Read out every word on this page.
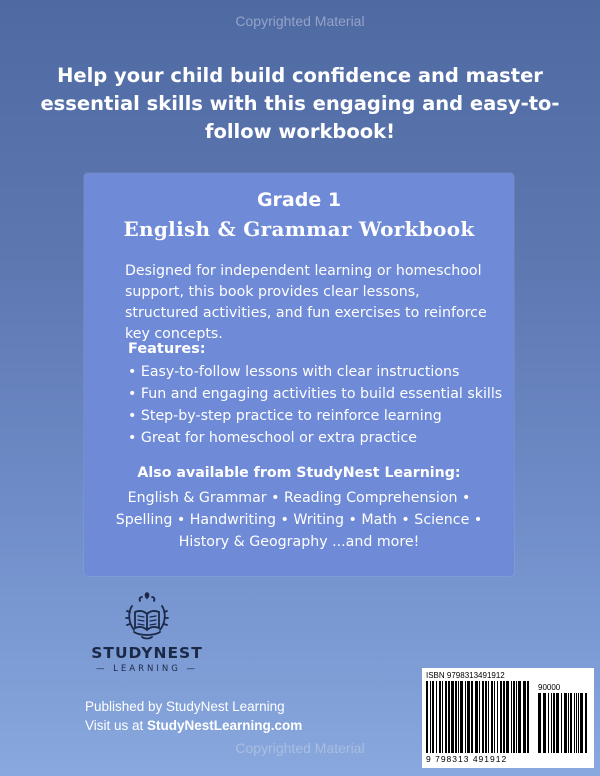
Copyrighted Material
Help your child build confidence and master essential skills with this engaging and easy-to-follow workbook!
Grade 1
English & Grammar Workbook
Designed for independent learning or homeschool support, this book provides clear lessons, structured activities, and fun exercises to reinforce key concepts.
Features:
• Easy-to-follow lessons with clear instructions
• Fun and engaging activities to build essential skills
• Step-by-step practice to reinforce learning
• Great for homeschool or extra practice
Also available from StudyNest Learning:
English & Grammar • Reading Comprehension • Spelling • Handwriting • Writing • Math • Science • History & Geography ...and more!
STUDYNEST
— LEARNING —
Published by StudyNest Learning
Visit us at StudyNestLearning.com
ISBN 9798313491912
90000
9 798313 491912
Copyrighted Material
